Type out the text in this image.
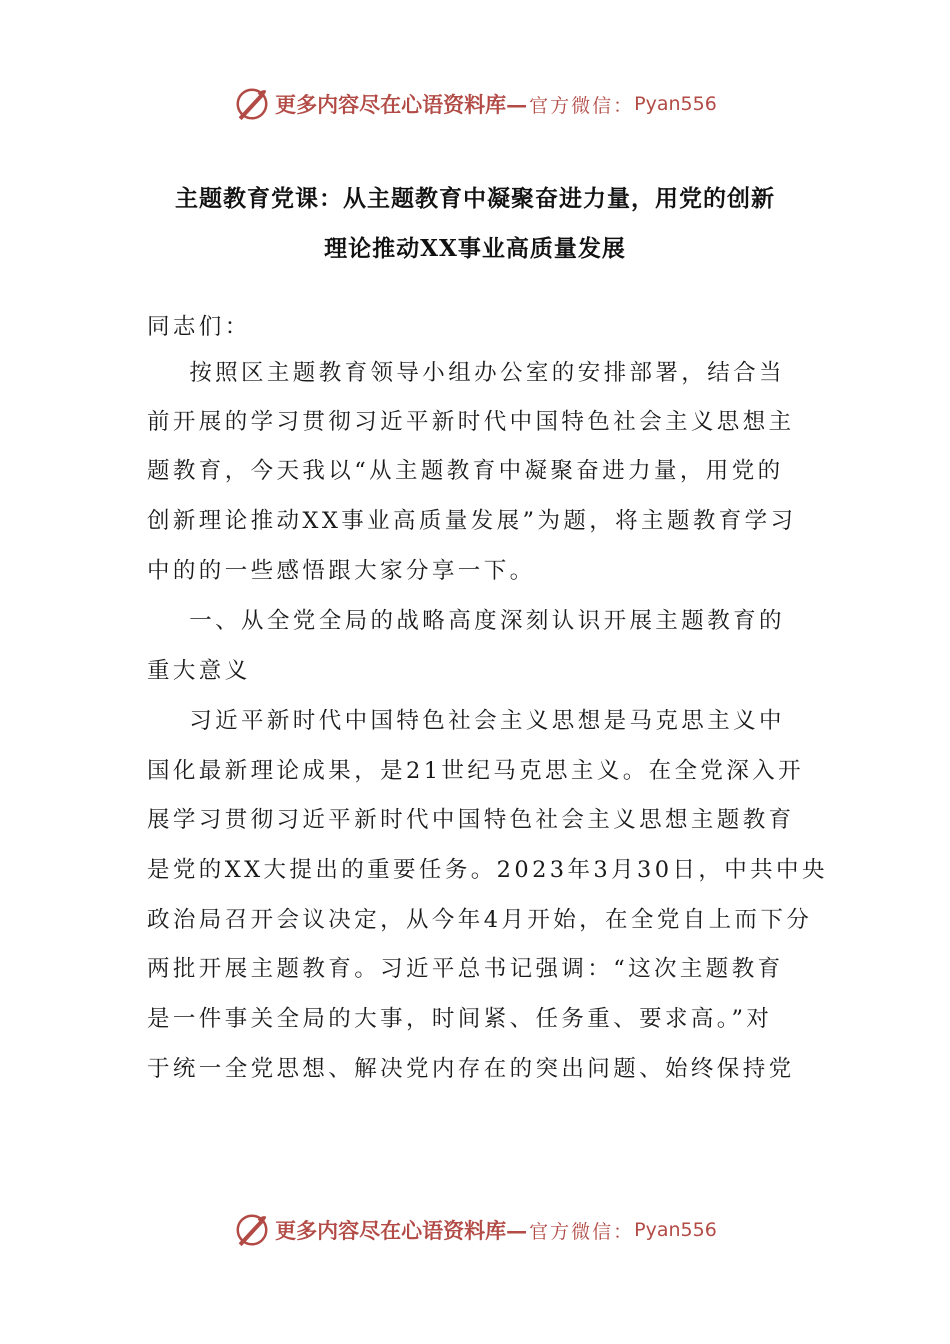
更多内容尽在心语资料库— 官方微信： Pyan556
主题教育党课：从主题教育中凝聚奋进力量，用党的创新
理论推动XX事业高质量发展
同志们：
按照区主题教育领导小组办公室的安排部署，结合当
前开展的学习贯彻习近平新时代中国特色社会主义思想主
题教育，今天我以“从主题教育中凝聚奋进力量，用党的
创新理论推动XX事业高质量发展”为题，将主题教育学习
中的的一些感悟跟大家分享一下。
一、从全党全局的战略高度深刻认识开展主题教育的
重大意义
习近平新时代中国特色社会主义思想是马克思主义中
国化最新理论成果，是21世纪马克思主义。在全党深入开
展学习贯彻习近平新时代中国特色社会主义思想主题教育
是党的XX大提出的重要任务。2023年3月30日，中共中央
政治局召开会议决定，从今年4月开始，在全党自上而下分
两批开展主题教育。习近平总书记强调：“这次主题教育
是一件事关全局的大事，时间紧、任务重、要求高。”对
于统一全党思想、解决党内存在的突出问题、始终保持党
更多内容尽在心语资料库— 官方微信： Pyan556
